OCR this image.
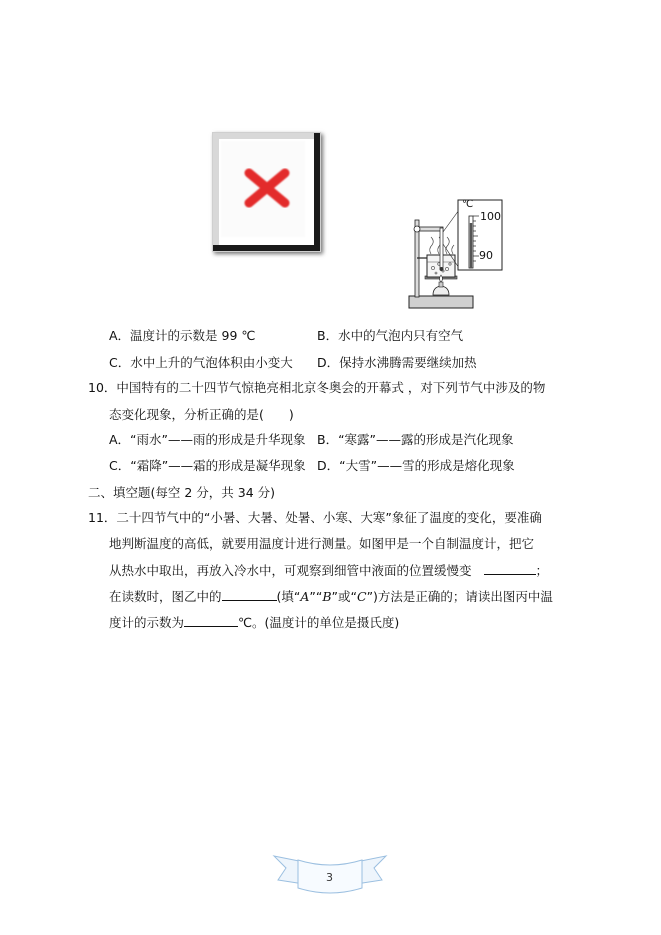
℃
100
90
A．温度计的示数是 99 ℃	B．水中的气泡内只有空气
C．水中上升的气泡体积由小变大 D．保持水沸腾需要继续加热
10．中国特有的二十四节气惊艳亮相北京冬奥会的开幕式 ，对下列节气中涉及的物
态变化现象，分析正确的是(　　)
A．“雨水”——雨的形成是升华现象 B．“寒露”——露的形成是汽化现象
C．“霜降”——霜的形成是凝华现象 D．“大雪”——雪的形成是熔化现象
二、填空题(每空 2 分，共 34 分)
11．二十四节气中的“小暑、大暑、处暑、小寒、大寒”象征了温度的变化，要准确
地判断温度的高低，就要用温度计进行测量。如图甲是一个自制温度计，把它
从热水中取出，再放入冷水中，可观察到细管中液面的位置缓慢变	；
在读数时，图乙中的	(填“A”“B”或“C”)方法是正确的；请读出图丙中温
度计的示数为	℃。(温度计的单位是摄氏度)
3
